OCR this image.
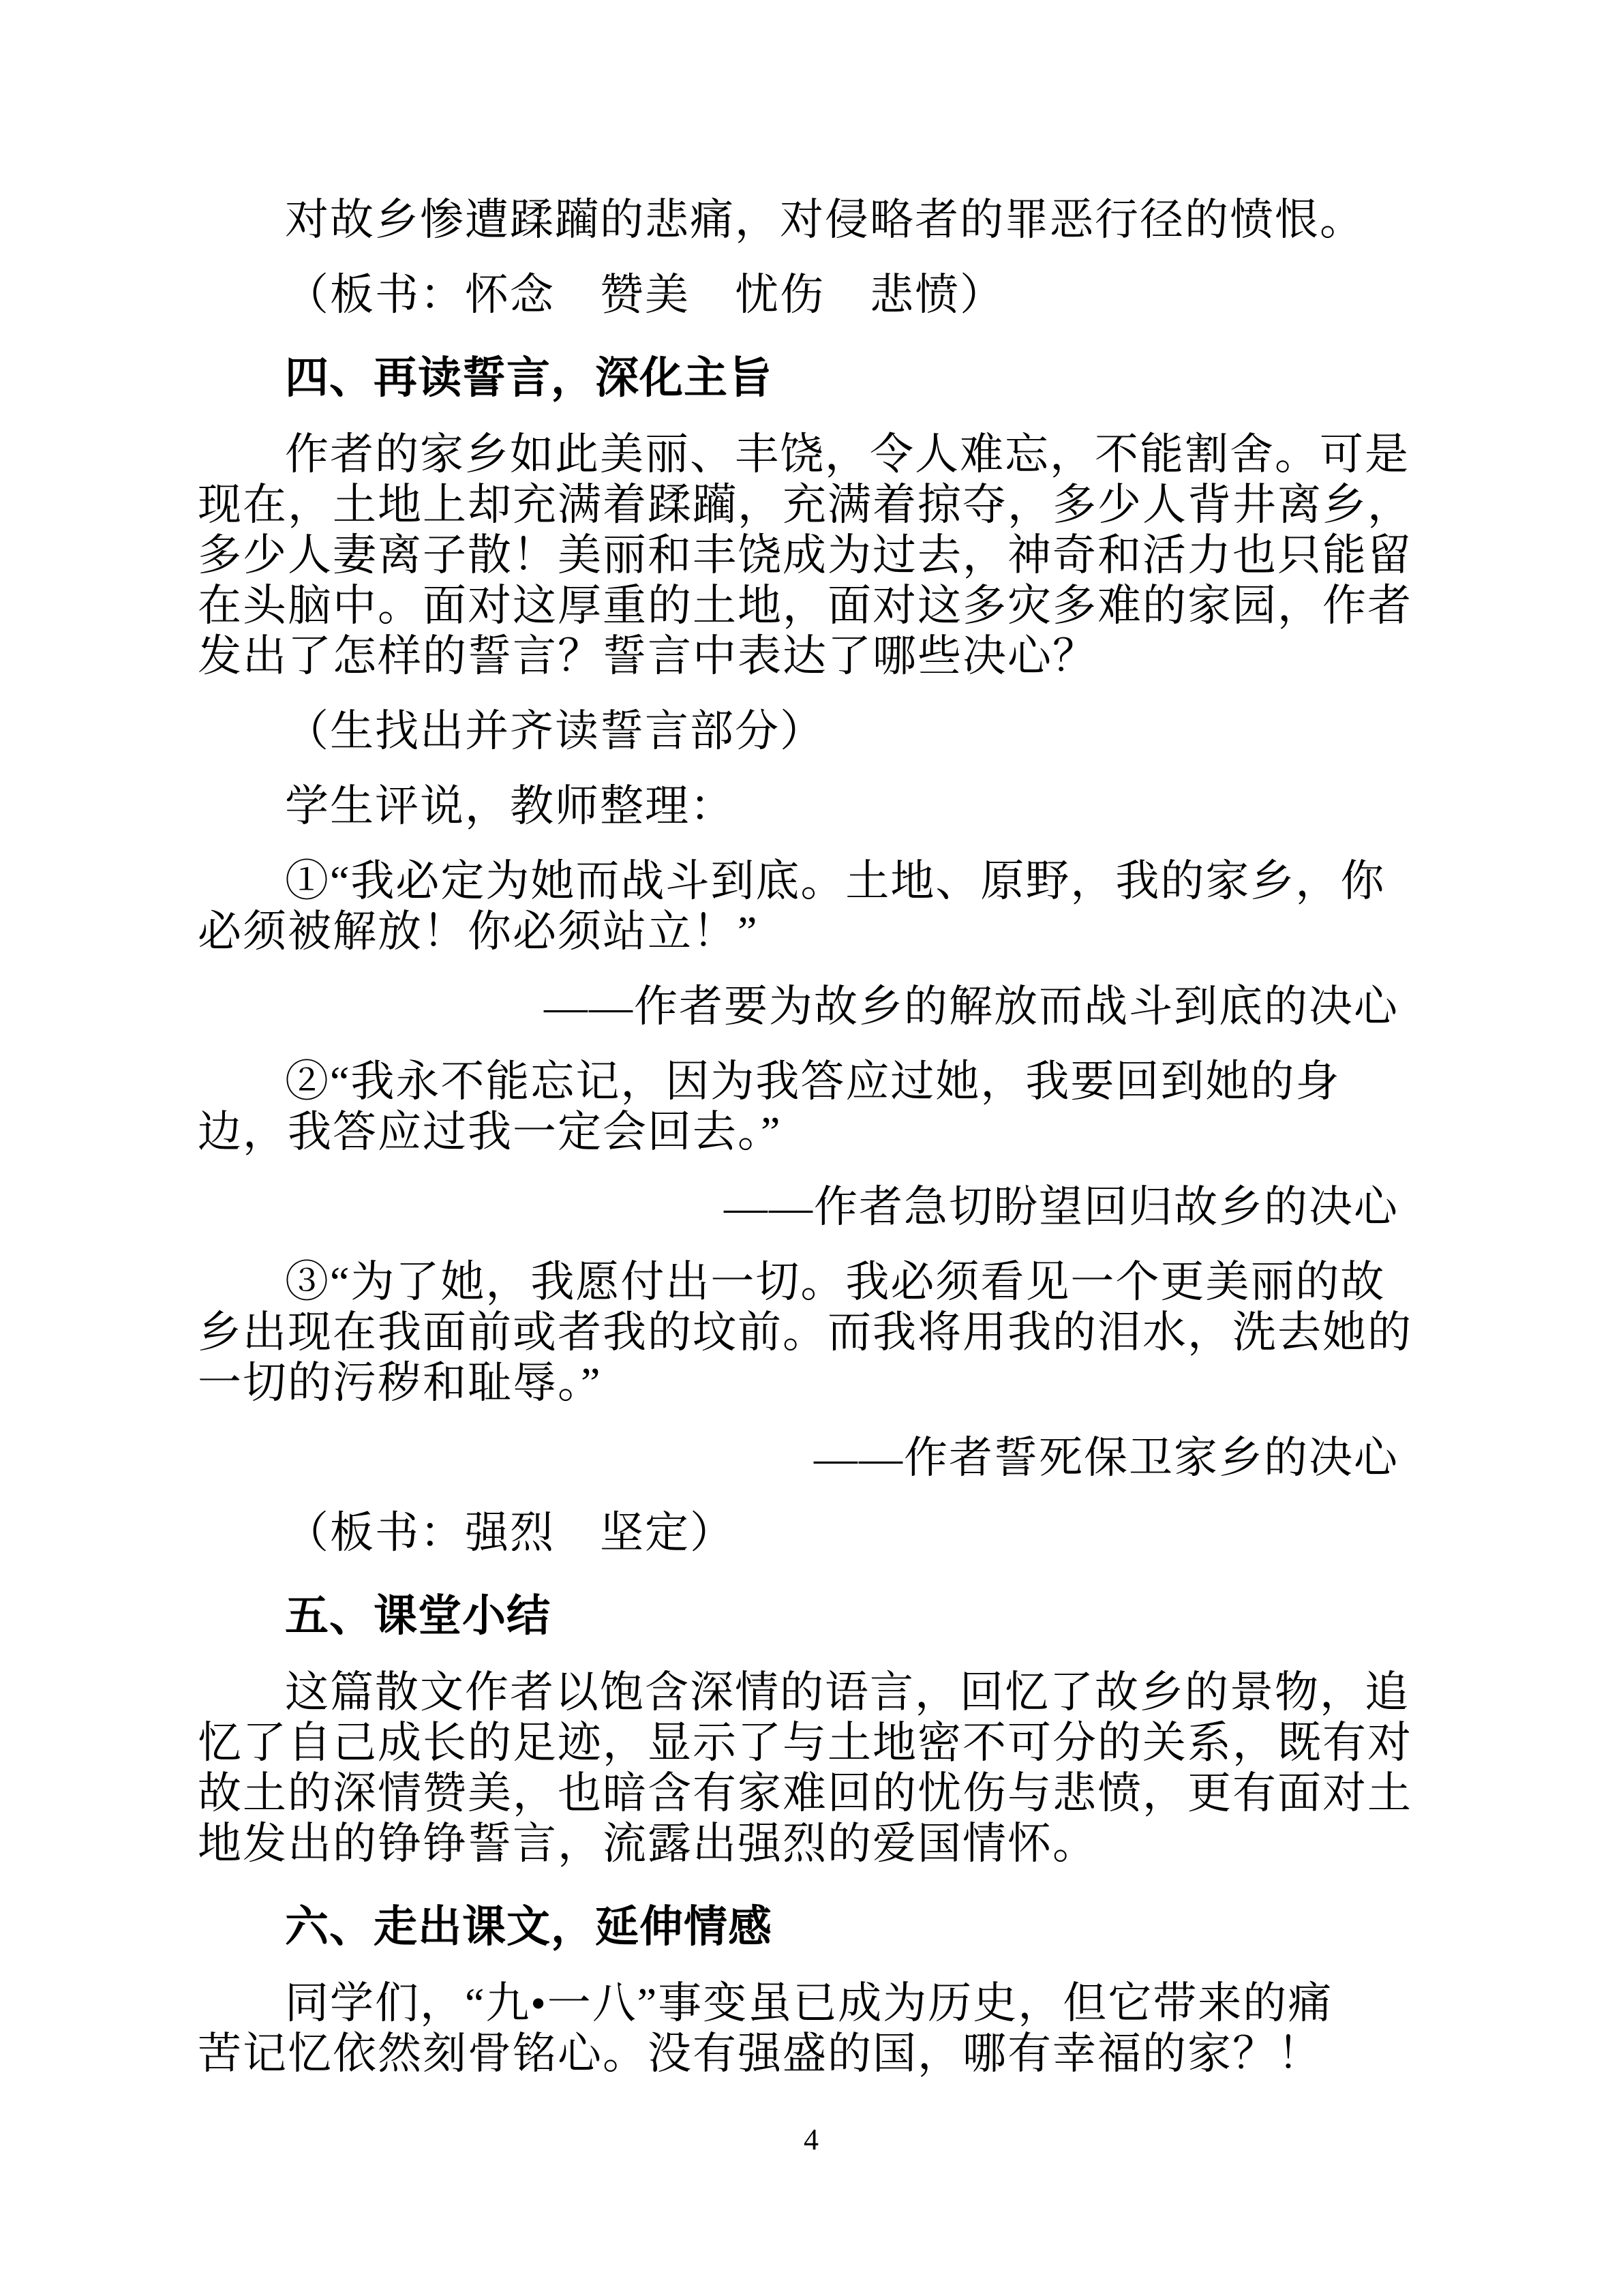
对故乡惨遭蹂躏的悲痛，对侵略者的罪恶行径的愤恨。
（板书：怀念　赞美　忧伤　悲愤）
四、再读誓言，深化主旨
作者的家乡如此美丽、丰饶，令人难忘，不能割舍。可是
现在，土地上却充满着蹂躏，充满着掠夺，多少人背井离乡，
多少人妻离子散！美丽和丰饶成为过去，神奇和活力也只能留
在头脑中。面对这厚重的土地，面对这多灾多难的家园，作者
发出了怎样的誓言？誓言中表达了哪些决心？
（生找出并齐读誓言部分）
学生评说，教师整理：
①“我必定为她而战斗到底。土地、原野，我的家乡，你
必须被解放！你必须站立！”
——作者要为故乡的解放而战斗到底的决心
②“我永不能忘记，因为我答应过她，我要回到她的身
边，我答应过我一定会回去。”
——作者急切盼望回归故乡的决心
③“为了她，我愿付出一切。我必须看见一个更美丽的故
乡出现在我面前或者我的坟前。而我将用我的泪水，洗去她的
一切的污秽和耻辱。”
——作者誓死保卫家乡的决心
（板书：强烈　坚定）
五、课堂小结
这篇散文作者以饱含深情的语言，回忆了故乡的景物，追
忆了自己成长的足迹，显示了与土地密不可分的关系，既有对
故土的深情赞美，也暗含有家难回的忧伤与悲愤，更有面对土
地发出的铮铮誓言，流露出强烈的爱国情怀。
六、走出课文，延伸情感
同学们，“九•一八”事变虽已成为历史，但它带来的痛
苦记忆依然刻骨铭心。没有强盛的国，哪有幸福的家？！
4
